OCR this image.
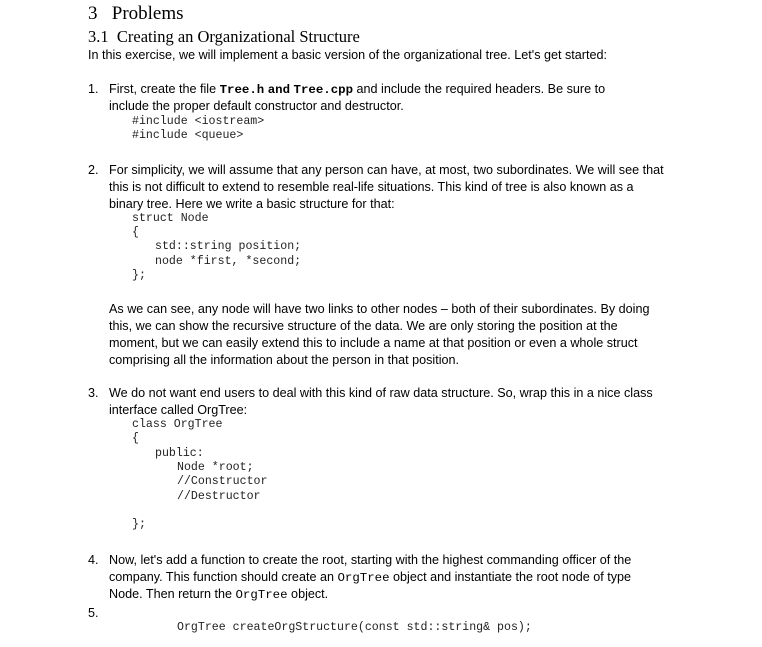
3 Problems
3.1 Creating an Organizational Structure
In this exercise, we will implement a basic version of the organizational tree. Let's get started:
1. First, create the file Tree.h and Tree.cpp and include the required headers. Be sure to
include the proper default constructor and destructor.
#include <iostream>
#include <queue>
2. For simplicity, we will assume that any person can have, at most, two subordinates. We will see that
this is not difficult to extend to resemble real-life situations. This kind of tree is also known as a
binary tree. Here we write a basic structure for that:
struct Node
{
std::string position;
node *first, *second;
};
As we can see, any node will have two links to other nodes – both of their subordinates. By doing
this, we can show the recursive structure of the data. We are only storing the position at the
moment, but we can easily extend this to include a name at that position or even a whole struct
comprising all the information about the person in that position.
3. We do not want end users to deal with this kind of raw data structure. So, wrap this in a nice class
interface called OrgTree:
class OrgTree
{
public:
Node *root;
//Constructor
//Destructor
};
4. Now, let's add a function to create the root, starting with the highest commanding officer of the
company. This function should create an OrgTree object and instantiate the root node of type
Node. Then return the OrgTree object.
5.
OrgTree createOrgStructure(const std::string& pos);
